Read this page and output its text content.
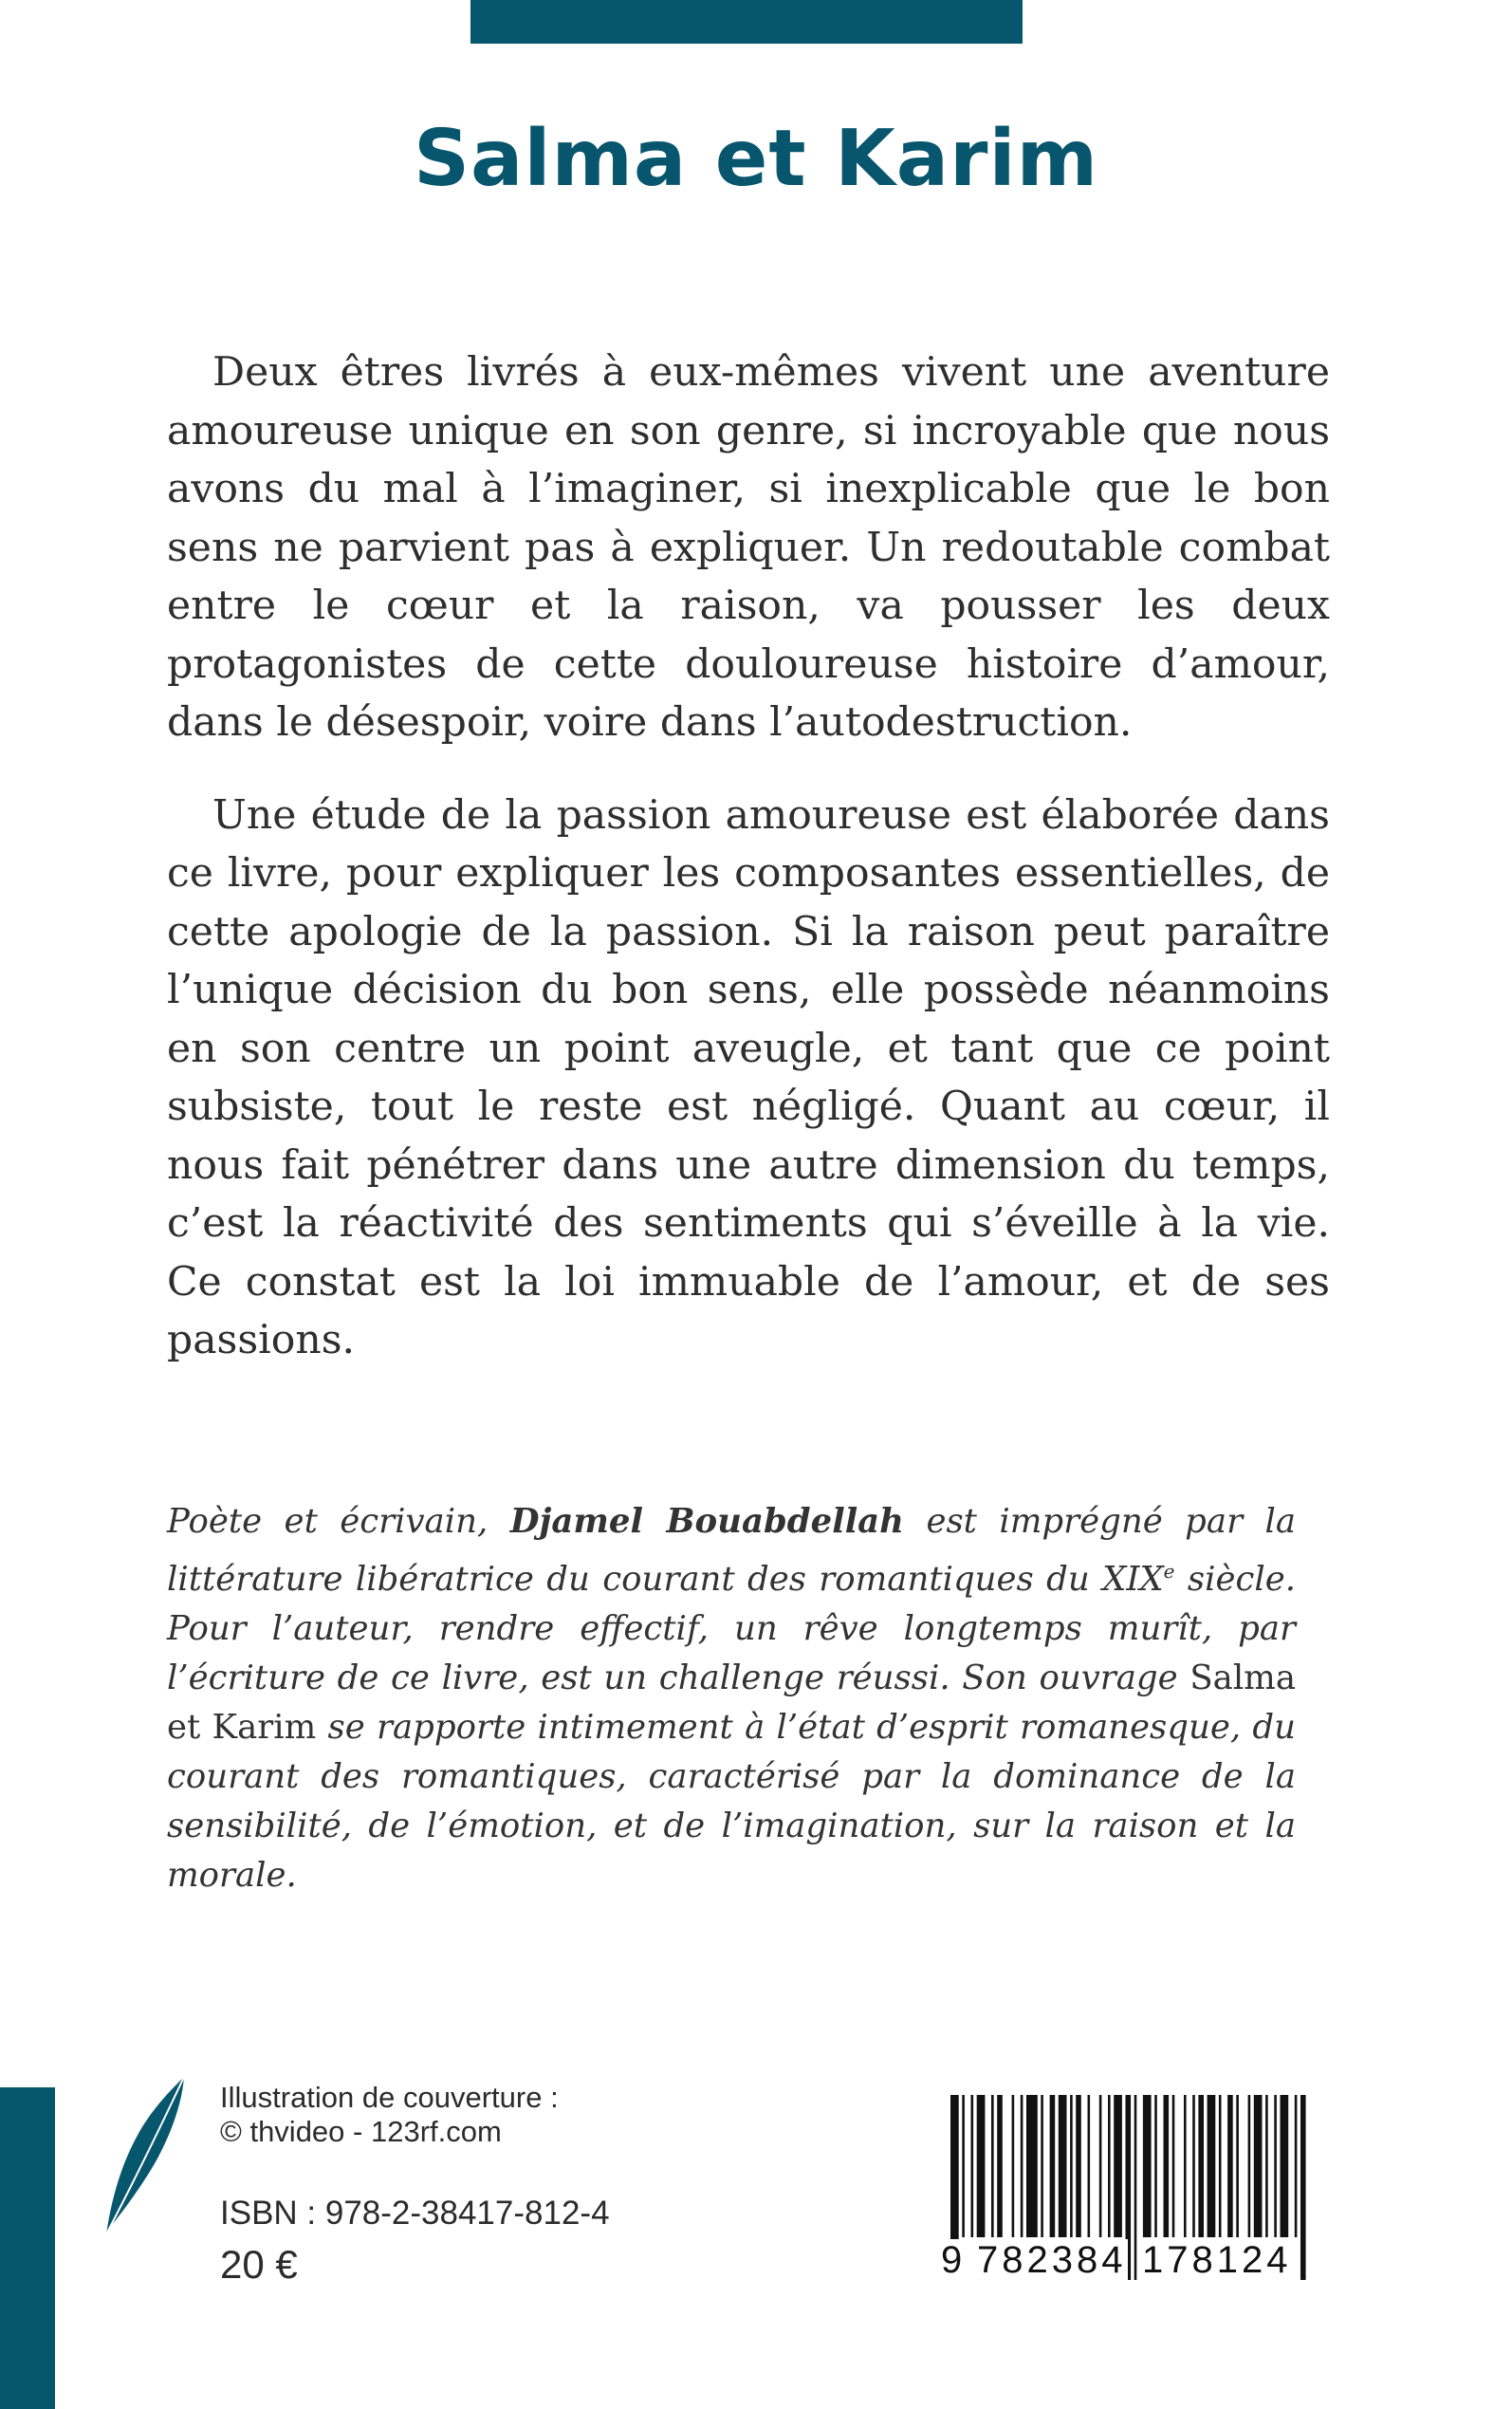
Salma et Karim

Deux êtres livrés à eux-mêmes vivent une aventure amoureuse unique en son genre, si incroyable que nous avons du mal à l’imaginer, si inexplicable que le bon sens ne parvient pas à expliquer. Un redoutable combat entre le cœur et la raison, va pousser les deux protagonistes de cette douloureuse histoire d’amour, dans le désespoir, voire dans l’autodestruction.

Une étude de la passion amoureuse est élaborée dans ce livre, pour expliquer les composantes essentielles, de cette apologie de la passion. Si la raison peut paraître l’unique décision du bon sens, elle possède néanmoins en son centre un point aveugle, et tant que ce point subsiste, tout le reste est négligé. Quant au cœur, il nous fait pénétrer dans une autre dimension du temps, c’est la réactivité des sentiments qui s’éveille à la vie. Ce constat est la loi immuable de l’amour, et de ses passions.

Poète et écrivain, Djamel Bouabdellah est imprégné par la littérature libératrice du courant des romantiques du XIXe siècle. Pour l’auteur, rendre effectif, un rêve longtemps murît, par l’écriture de ce livre, est un challenge réussi. Son ouvrage Salma et Karim se rapporte intimement à l’état d’esprit romanesque, du courant des romantiques, caractérisé par la dominance de la sensibilité, de l’émotion, et de l’imagination, sur la raison et la morale.

Illustration de couverture :
© thvideo - 123rf.com
ISBN : 978-2-38417-812-4
20 €	9 782384 178124
